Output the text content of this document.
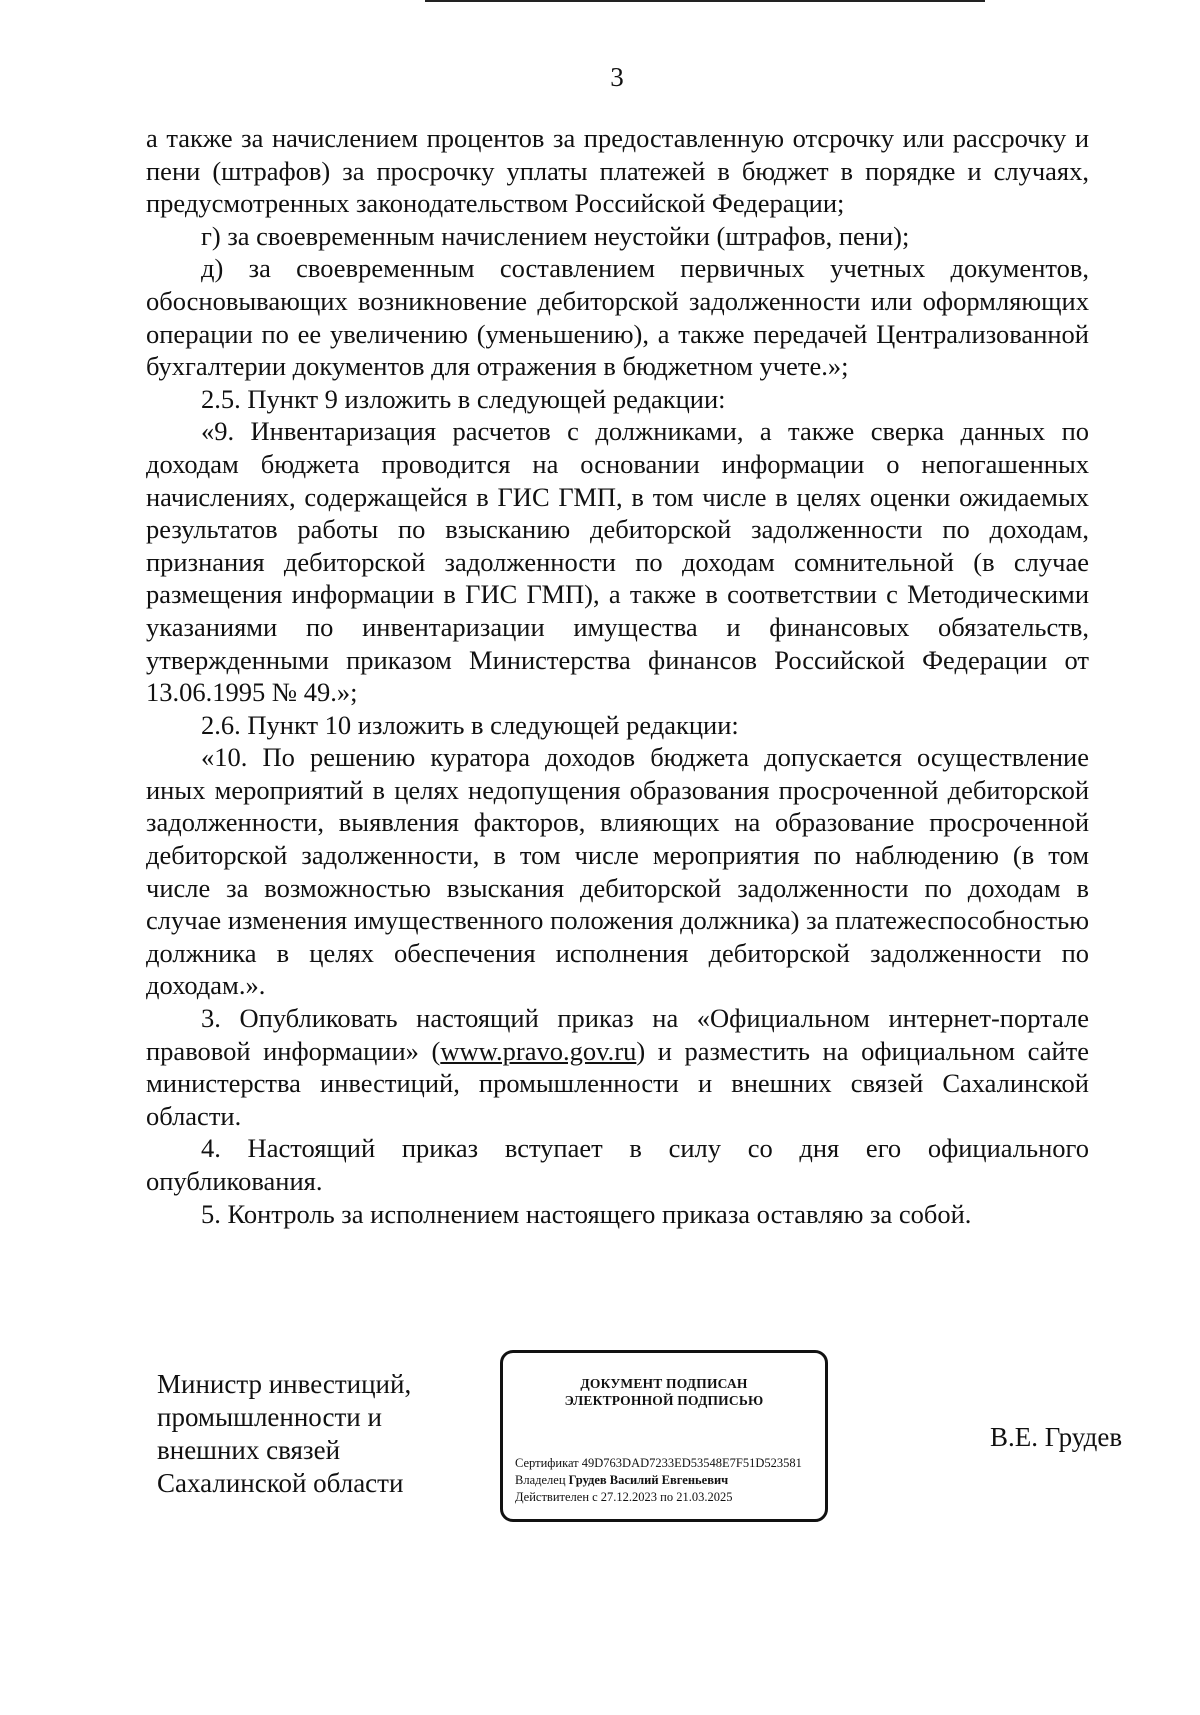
3

а также за начислением процентов за предоставленную отсрочку или рассрочку и пени (штрафов) за просрочку уплаты платежей в бюджет в порядке и случаях, предусмотренных законодательством Российской Федерации;

г) за своевременным начислением неустойки (штрафов, пени);

д) за своевременным составлением первичных учетных документов, обосновывающих возникновение дебиторской задолженности или оформляющих операции по ее увеличению (уменьшению), а также передачей Централизованной бухгалтерии документов для отражения в бюджетном учете.»;

2.5. Пункт 9 изложить в следующей редакции:

«9. Инвентаризация расчетов с должниками, а также сверка данных по доходам бюджета проводится на основании информации о непогашенных начислениях, содержащейся в ГИС ГМП, в том числе в целях оценки ожидаемых результатов работы по взысканию дебиторской задолженности по доходам, признания дебиторской задолженности по доходам сомнительной (в случае размещения информации в ГИС ГМП), а также в соответствии с Методическими указаниями по инвентаризации имущества и финансовых обязательств, утвержденными приказом Министерства финансов Российской Федерации от 13.06.1995 № 49.»;

2.6. Пункт 10 изложить в следующей редакции:

«10. По решению куратора доходов бюджета допускается осуществление иных мероприятий в целях недопущения образования просроченной дебиторской задолженности, выявления факторов, влияющих на образование просроченной дебиторской задолженности, в том числе мероприятия по наблюдению (в том числе за возможностью взыскания дебиторской задолженности по доходам в случае изменения имущественного положения должника) за платежеспособностью должника в целях обеспечения исполнения дебиторской задолженности по доходам.».

3. Опубликовать настоящий приказ на «Официальном интернет-портале правовой информации» (www.pravo.gov.ru) и разместить на официальном сайте министерства инвестиций, промышленности и внешних связей Сахалинской области.

4. Настоящий приказ вступает в силу со дня его официального опубликования.

5. Контроль за исполнением настоящего приказа оставляю за собой.

Министр инвестиций,
промышленности и
внешних связей
Сахалинской области
ДОКУМЕНТ ПОДПИСАН
ЭЛЕКТРОННОЙ ПОДПИСЬЮ
Сертификат 49D763DAD7233ED53548E7F51D523581
Владелец Грудев Василий Евгеньевич
Действителен с 27.12.2023 по 21.03.2025
В.Е. Грудев
